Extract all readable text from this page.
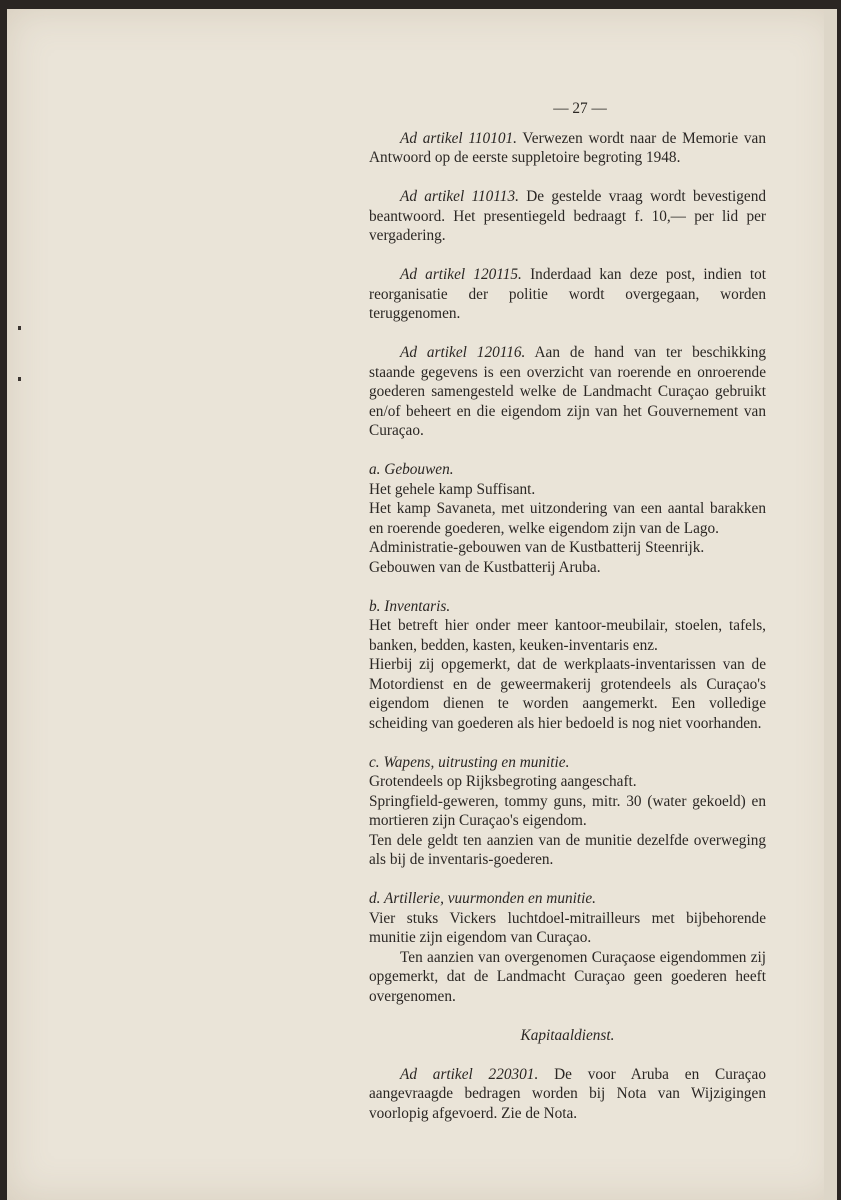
— 27 —

Ad artikel 110101. Verwezen wordt naar de Memorie van Antwoord op de eerste suppletoire begroting 1948.

Ad artikel 110113. De gestelde vraag wordt bevestigend beantwoord. Het presentiegeld bedraagt f. 10,— per lid per vergadering.

Ad artikel 120115. Inderdaad kan deze post, indien tot reorganisatie der politie wordt overgegaan, worden teruggenomen.

Ad artikel 120116. Aan de hand van ter beschikking staande gegevens is een overzicht van roerende en onroerende goederen samengesteld welke de Landmacht Curaçao gebruikt en/of beheert en die eigendom zijn van het Gouvernement van Curaçao.

a. Gebouwen.
Het gehele kamp Suffisant.
Het kamp Savaneta, met uitzondering van een aantal barakken en roerende goederen, welke eigendom zijn van de Lago.
Administratie-gebouwen van de Kustbatterij Steenrijk.
Gebouwen van de Kustbatterij Aruba.
b. Inventaris.
Het betreft hier onder meer kantoor-meubilair, stoelen, tafels, banken, bedden, kasten, keuken-inventaris enz.
Hierbij zij opgemerkt, dat de werkplaats-inventarissen van de Motordienst en de geweermakerij grotendeels als Curaçao's eigendom dienen te worden aangemerkt. Een volledige scheiding van goederen als hier bedoeld is nog niet voorhanden.
c. Wapens, uitrusting en munitie.
Grotendeels op Rijksbegroting aangeschaft.
Springfield-geweren, tommy guns, mitr. 30 (water gekoeld) en mortieren zijn Curaçao's eigendom.
Ten dele geldt ten aanzien van de munitie dezelfde overweging als bij de inventaris-goederen.
d. Artillerie, vuurmonden en munitie.
Vier stuks Vickers luchtdoel-mitrailleurs met bijbehorende munitie zijn eigendom van Curaçao.
Ten aanzien van overgenomen Curaçaose eigendommen zij opgemerkt, dat de Landmacht Curaçao geen goederen heeft overgenomen.
Kapitaaldienst.

Ad artikel 220301. De voor Aruba en Curaçao aangevraagde bedragen worden bij Nota van Wijzigingen voorlopig afgevoerd. Zie de Nota.
